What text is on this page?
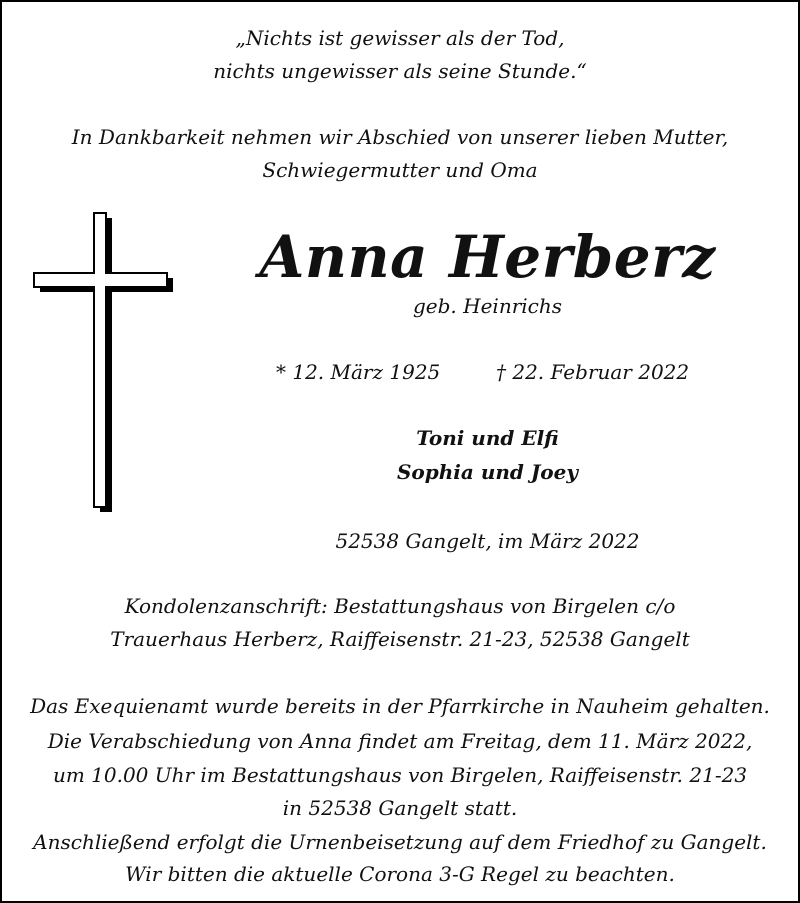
„Nichts ist gewisser als der Tod,
nichts ungewisser als seine Stunde.“
In Dankbarkeit nehmen wir Abschied von unserer lieben Mutter,
Schwiegermutter und Oma
Anna Herberz
geb. Heinrichs
* 12. März 1925	† 22. Februar 2022
Toni und Elfi
Sophia und Joey
52538 Gangelt, im März 2022
Kondolenzanschrift: Bestattungshaus von Birgelen c/o
Trauerhaus Herberz, Raiffeisenstr. 21-23, 52538 Gangelt
Das Exequienamt wurde bereits in der Pfarrkirche in Nauheim gehalten.
Die Verabschiedung von Anna findet am Freitag, dem 11. März 2022,
um 10.00 Uhr im Bestattungshaus von Birgelen, Raiffeisenstr. 21-23
in 52538 Gangelt statt.
Anschließend erfolgt die Urnenbeisetzung auf dem Friedhof zu Gangelt.
Wir bitten die aktuelle Corona 3-G Regel zu beachten.
